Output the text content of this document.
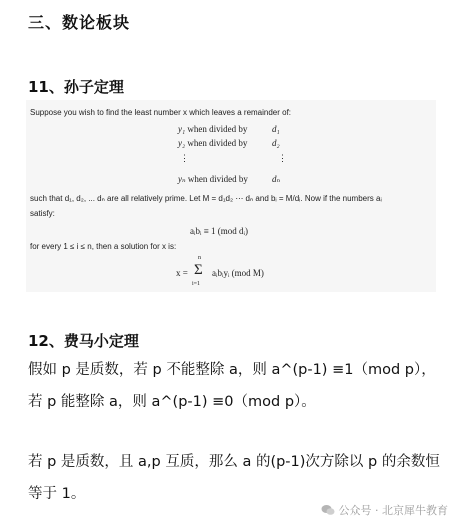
三、数论板块
11、孙子定理
Suppose you wish to find the least number x which leaves a remainder of:
y₁ when divided by	d₁
y₂ when divided by	d₂
⋮	⋮
yₙ when divided by	dₙ
such that d₁, d₂, ... dₙ are all relatively prime. Let M = d₁d₂ ⋯ dₙ and bᵢ = M/dᵢ. Now if the numbers aᵢ
satisfy:
aᵢbᵢ ≡ 1 (mod dᵢ)
for every 1 ≤ i ≤ n, then a solution for x is:
x =
n
Σ
i=1
aᵢbᵢyᵢ (mod M)
12、费马小定理
假如 p 是质数，若 p 不能整除 a，则 a^(p-1) ≡1（mod p），
若 p 能整除 a，则 a^(p-1) ≡0（mod p）。
若 p 是质数，且 a,p 互质，那么 a 的(p-1)次方除以 p 的余数恒
等于 1。
公众号 · 北京犀牛教育
